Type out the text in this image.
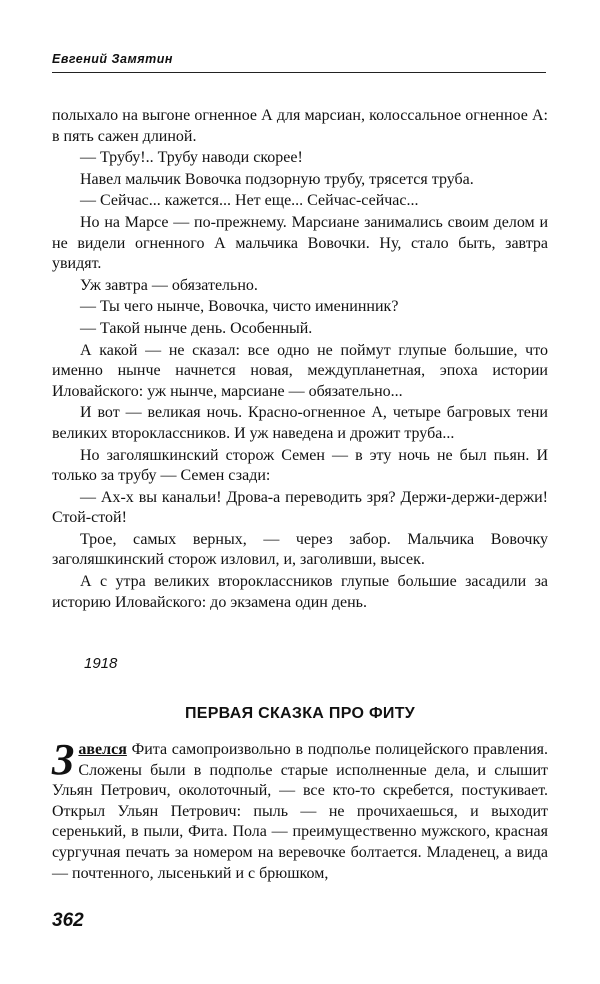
Евгений Замятин

полыхало на выгоне огненное А для марсиан, колоссальное огненное А: в пять сажен длиной.

— Трубу!.. Трубу наводи скорее!

Навел мальчик Вовочка подзорную трубу, трясется труба.

— Сейчас... кажется... Нет еще... Сейчас-сейчас...

Но на Марсе — по-прежнему. Марсиане занимались своим делом и не видели огненного А мальчика Вовочки. Ну, стало быть, завтра увидят.

Уж завтра — обязательно.

— Ты чего нынче, Вовочка, чисто именинник?

— Такой нынче день. Особенный.

А какой — не сказал: все одно не поймут глупые большие, что именно нынче начнется новая, междупланетная, эпоха истории Иловайского: уж нынче, марсиане — обязательно...

И вот — великая ночь. Красно-огненное А, четыре багровых тени великих второклассников. И уж наведена и дрожит труба...

Но заголяшкинский сторож Семен — в эту ночь не был пьян. И только за трубу — Семен сзади:

— Ах-х вы канальи! Дрова-а переводить зря? Держи-держи-держи! Стой-стой!

Трое, самых верных, — через забор. Мальчика Вовочку заголяшкинский сторож изловил, и, заголивши, высек.

А с утра великих второклассников глупые большие засадили за историю Иловайского: до экзамена один день.

1918
ПЕРВАЯ СКАЗКА ПРО ФИТУ
Завелся Фита самопроизвольно в подполье полицейского правления. Сложены были в подполье старые исполненные дела, и слышит Ульян Петрович, околоточный, — все кто-то скребется, постукивает. Открыл Ульян Петрович: пыль — не прочихаешься, и выходит серенький, в пыли, Фита. Пола — преимущественно мужского, красная сургучная печать за номером на веревочке болтается. Младенец, а вида — почтенного, лысенький и с брюшком,
362
